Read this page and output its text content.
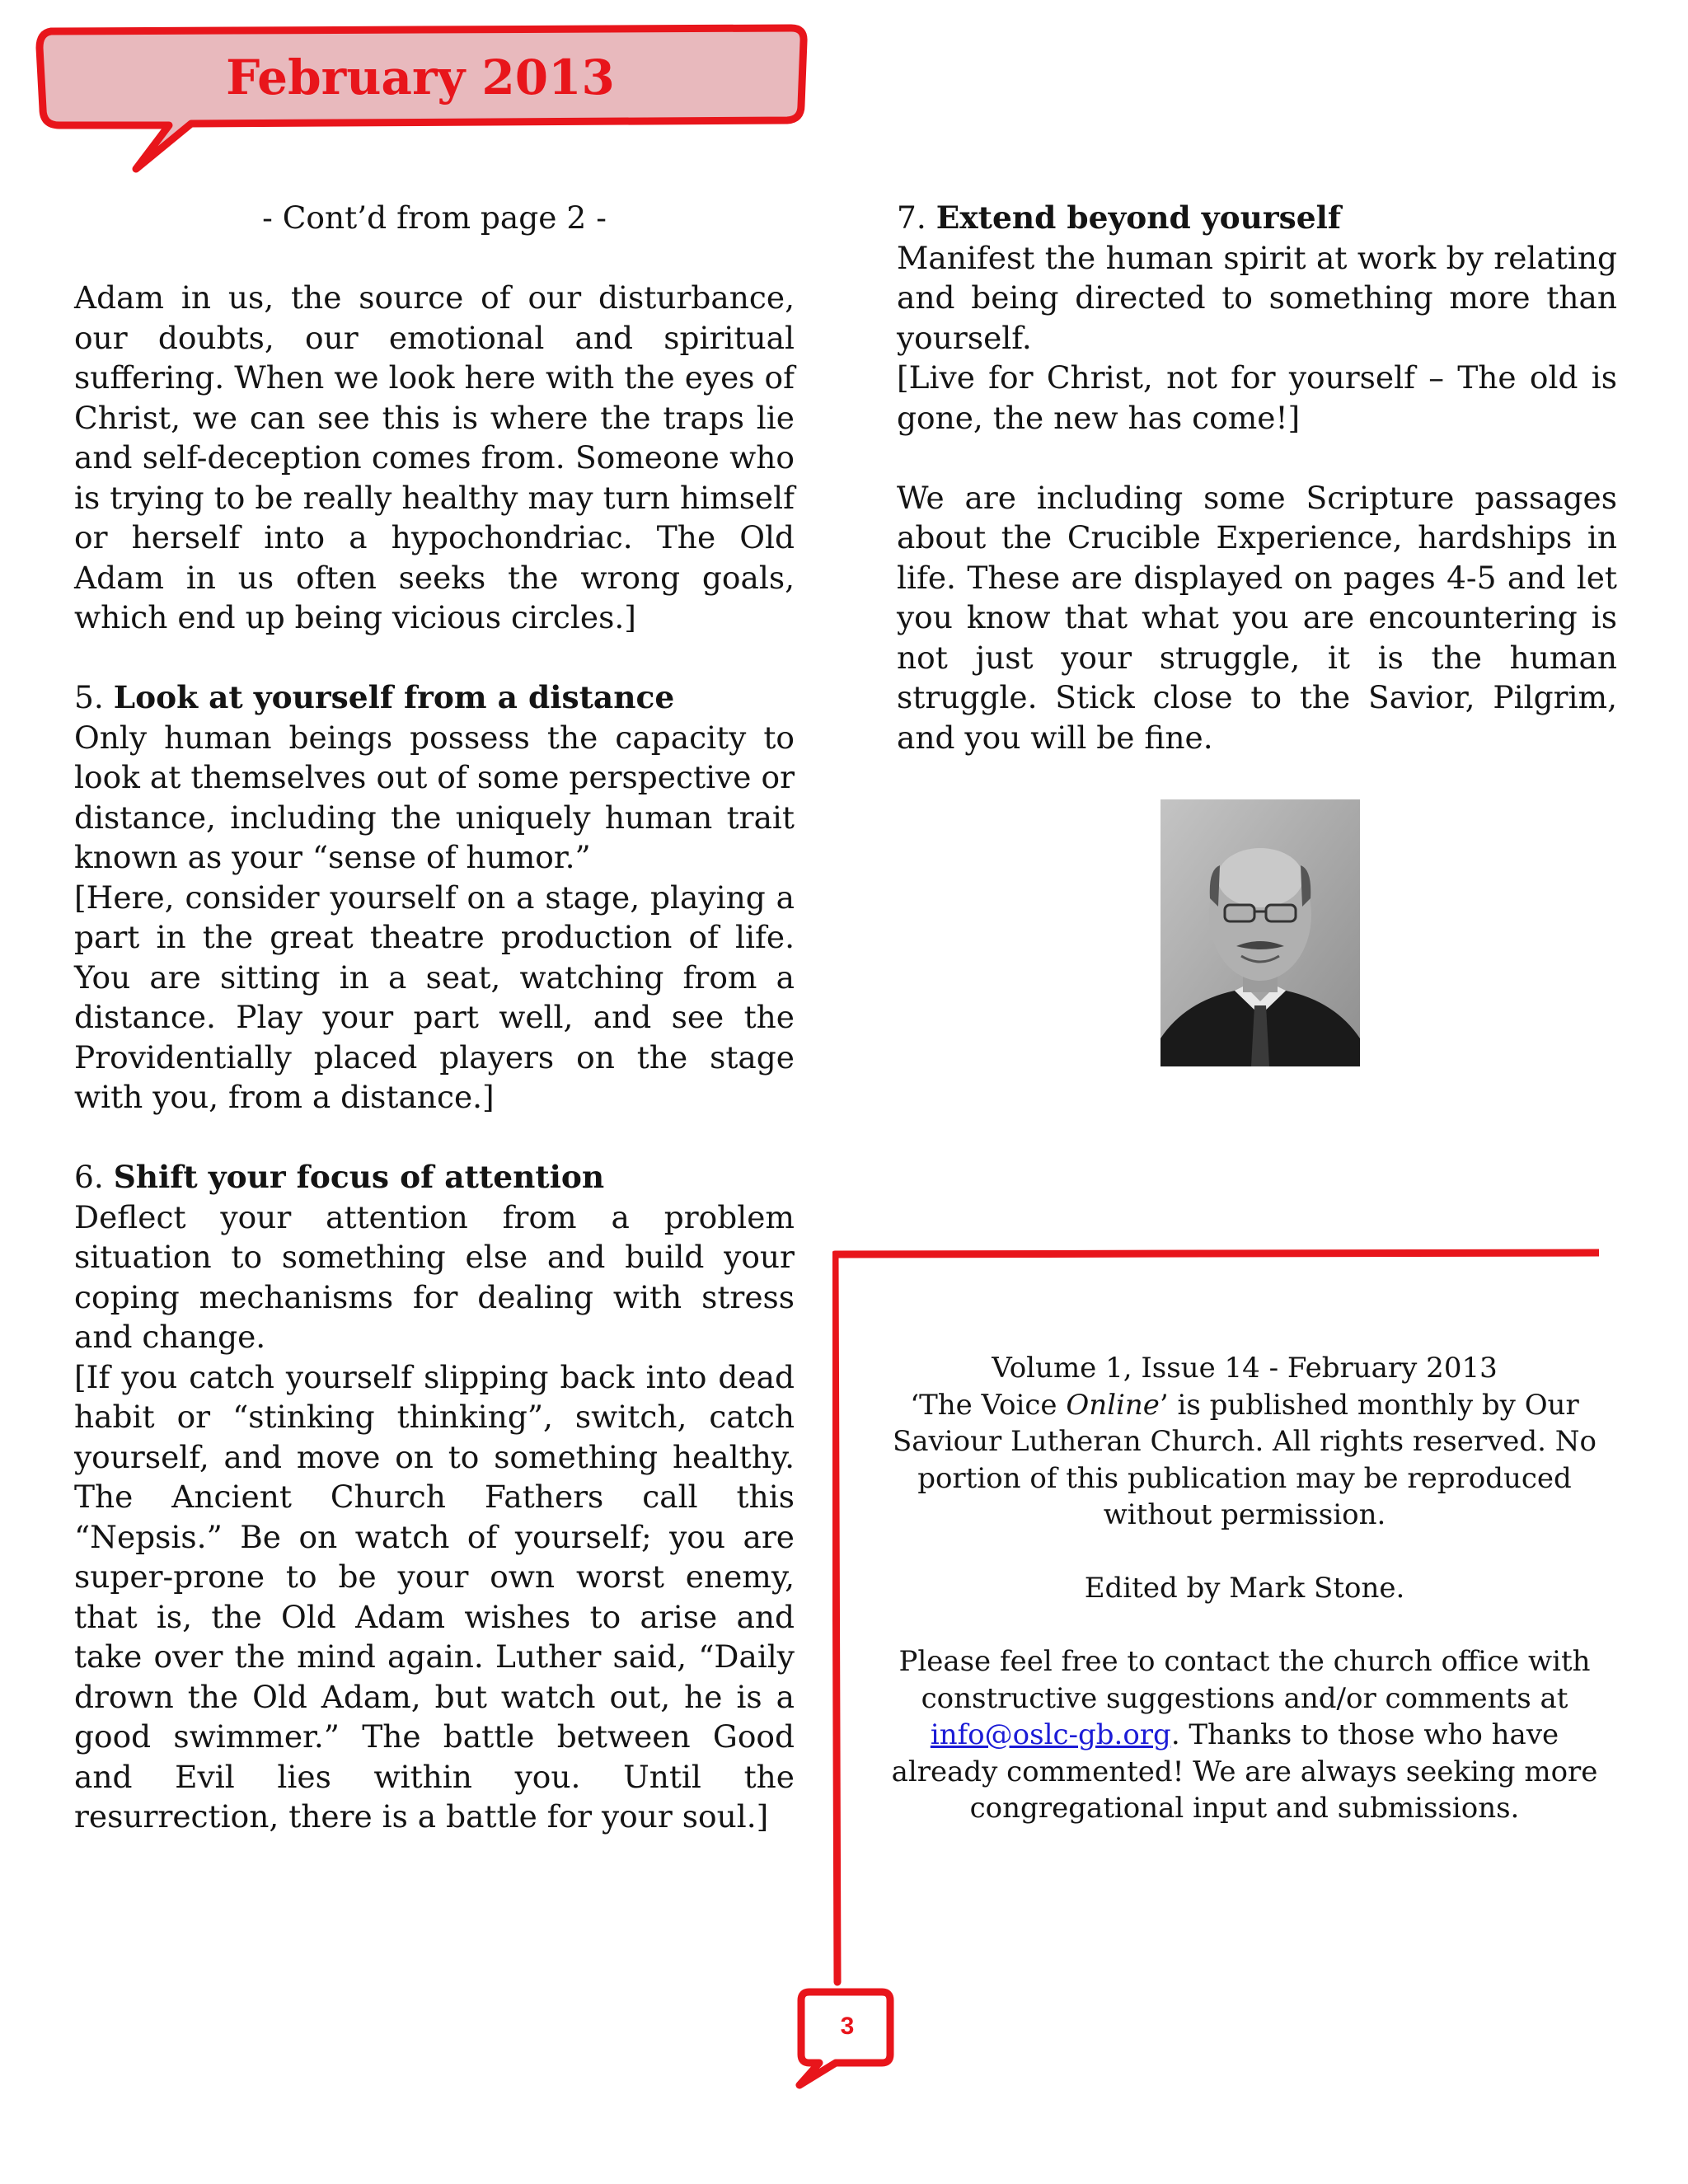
February 2013

- Cont’d from page 2 -

Adam in us, the source of our disturbance, our doubts, our emotional and spiritual suffering. When we look here with the eyes of Christ, we can see this is where the traps lie and self-deception comes from. Someone who is trying to be really healthy may turn himself or herself into a hypochondriac. The Old Adam in us often seeks the wrong goals, which end up being vicious circles.]

5. Look at yourself from a distance

Only human beings possess the capacity to look at themselves out of some perspective or distance, including the uniquely human trait known as your “sense of humor.”

[Here, consider yourself on a stage, playing a part in the great theatre production of life. You are sitting in a seat, watching from a distance. Play your part well, and see the Providentially placed players on the stage with you, from a distance.]

6. Shift your focus of attention

Deflect your attention from a problem situation to something else and build your coping mechanisms for dealing with stress and change.

[If you catch yourself slipping back into dead habit or “stinking thinking”, switch, catch yourself, and move on to something healthy. The Ancient Church Fathers call this “Nepsis.” Be on watch of yourself; you are super-prone to be your own worst enemy, that is, the Old Adam wishes to arise and take over the mind again. Luther said, “Daily drown the Old Adam, but watch out, he is a good swimmer.” The battle between Good and Evil lies within you. Until the resurrection, there is a battle for your soul.]

7. Extend beyond yourself

Manifest the human spirit at work by relating and being directed to something more than yourself.

[Live for Christ, not for yourself – The old is gone, the new has come!]

We are including some Scripture passages about the Crucible Experience, hardships in life. These are displayed on pages 4-5 and let you know that what you are encountering is not just your struggle, it is the human struggle. Stick close to the Savior, Pilgrim, and you will be fine.

Volume 1, Issue 14 - February 2013

‘The Voice Online’ is published monthly by Our Saviour Lutheran Church. All rights reserved. No portion of this publication may be reproduced without permission.

Edited by Mark Stone.

Please feel free to contact the church office with constructive suggestions and/or comments at info@oslc-gb.org. Thanks to those who have already commented! We are always seeking more congregational input and submissions.

3
